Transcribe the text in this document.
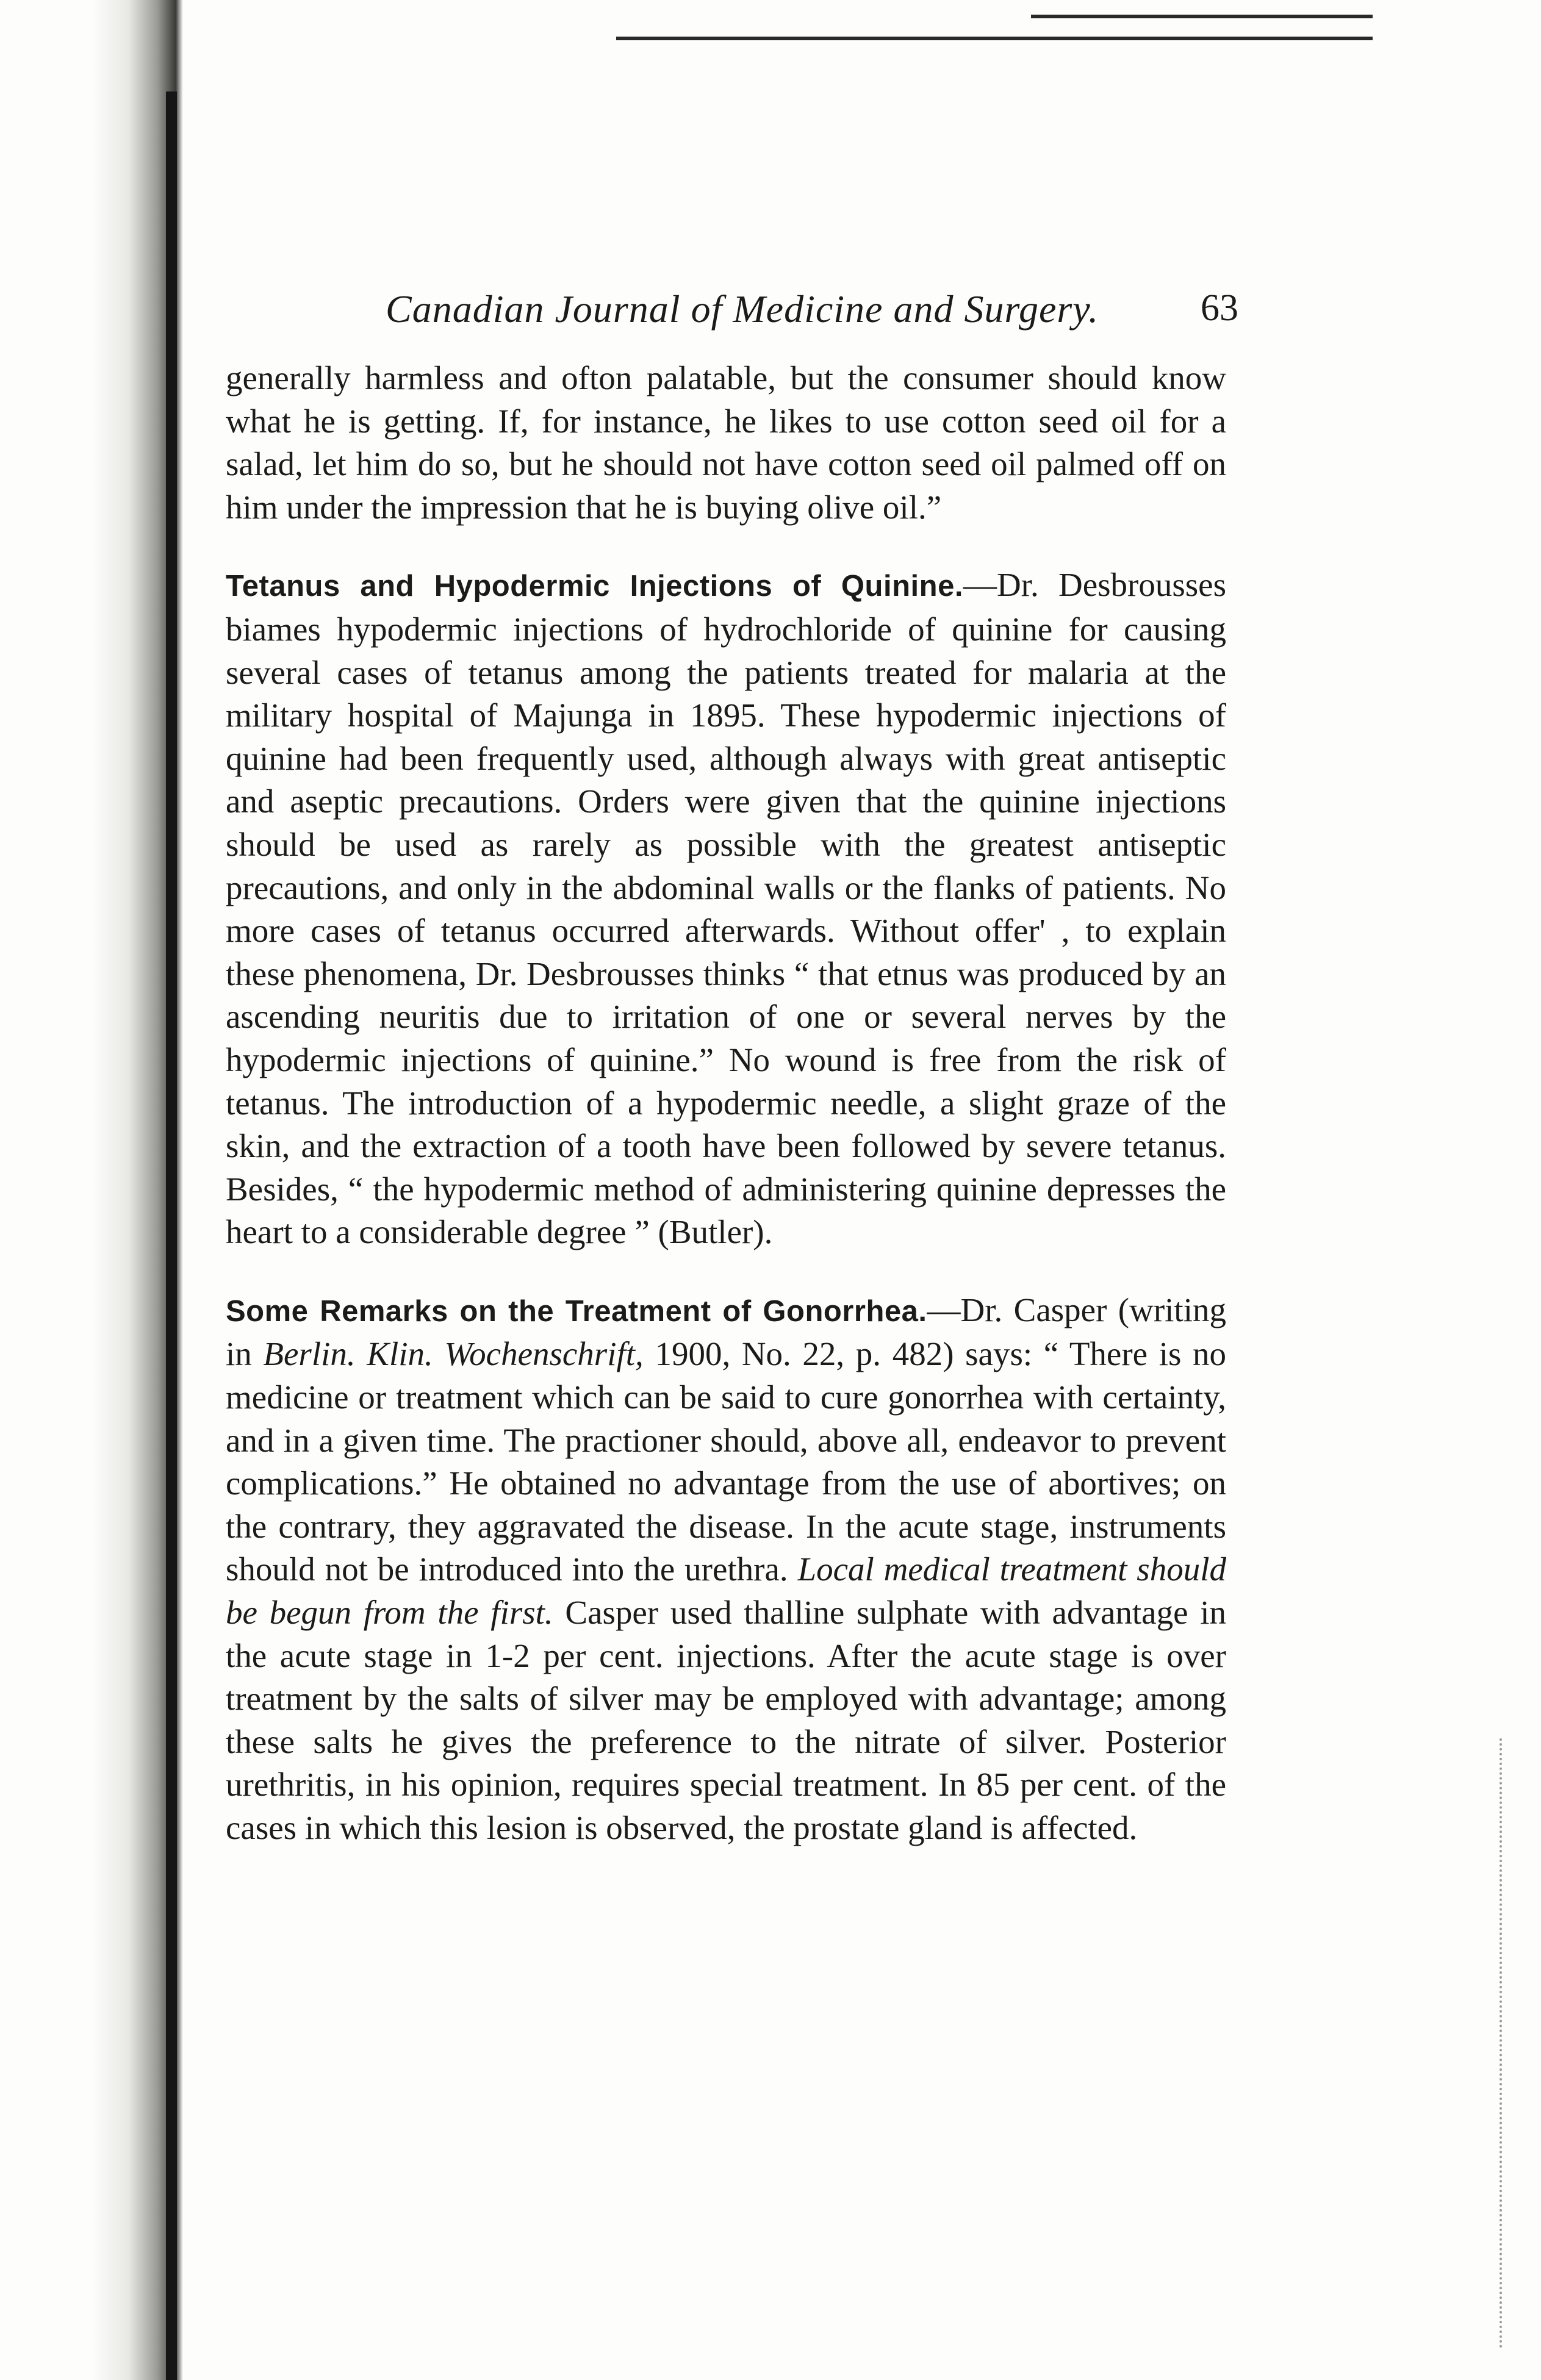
Canadian Journal of Medicine and Surgery.	63

generally harmless and ofton palatable, but the consumer should know what he is getting. If, for instance, he likes to use cotton seed oil for a salad, let him do so, but he should not have cotton seed oil palmed off on him under the impression that he is buying olive oil.”

Tetanus and Hypodermic Injections of Quinine.—Dr. Desbrousses biames hypodermic injections of hydrochloride of quinine for causing several cases of tetanus among the patients treated for malaria at the military hospital of Majunga in 1895. These hypodermic injections of quinine had been frequently used, although always with great antiseptic and aseptic precautions. Orders were given that the quinine injections should be used as rarely as possible with the greatest antiseptic precautions, and only in the abdominal walls or the flanks of patients. No more cases of tetanus occurred afterwards. Without offer' , to explain these phenomena, Dr. Desbrousses thinks “ that etnus was produced by an ascending neuritis due to irritation of one or several nerves by the hypodermic injections of quinine.” No wound is free from the risk of tetanus. The introduction of a hypodermic needle, a slight graze of the skin, and the extraction of a tooth have been followed by severe tetanus. Besides, “ the hypodermic method of administering quinine depresses the heart to a considerable degree ” (Butler).

Some Remarks on the Treatment of Gonorrhea.—Dr. Casper (writing in Berlin. Klin. Wochenschrift, 1900, No. 22, p. 482) says: “ There is no medicine or treatment which can be said to cure gonorrhea with certainty, and in a given time. The practioner should, above all, endeavor to prevent complications.” He obtained no advantage from the use of abortives; on the contrary, they aggravated the disease. In the acute stage, instruments should not be introduced into the urethra. Local medical treatment should be begun from the first. Casper used thalline sulphate with advantage in the acute stage in 1-2 per cent. injections. After the acute stage is over treatment by the salts of silver may be employed with advantage; among these salts he gives the preference to the nitrate of silver. Posterior urethritis, in his opinion, requires special treatment. In 85 per cent. of the cases in which this lesion is observed, the prostate gland is affected.
